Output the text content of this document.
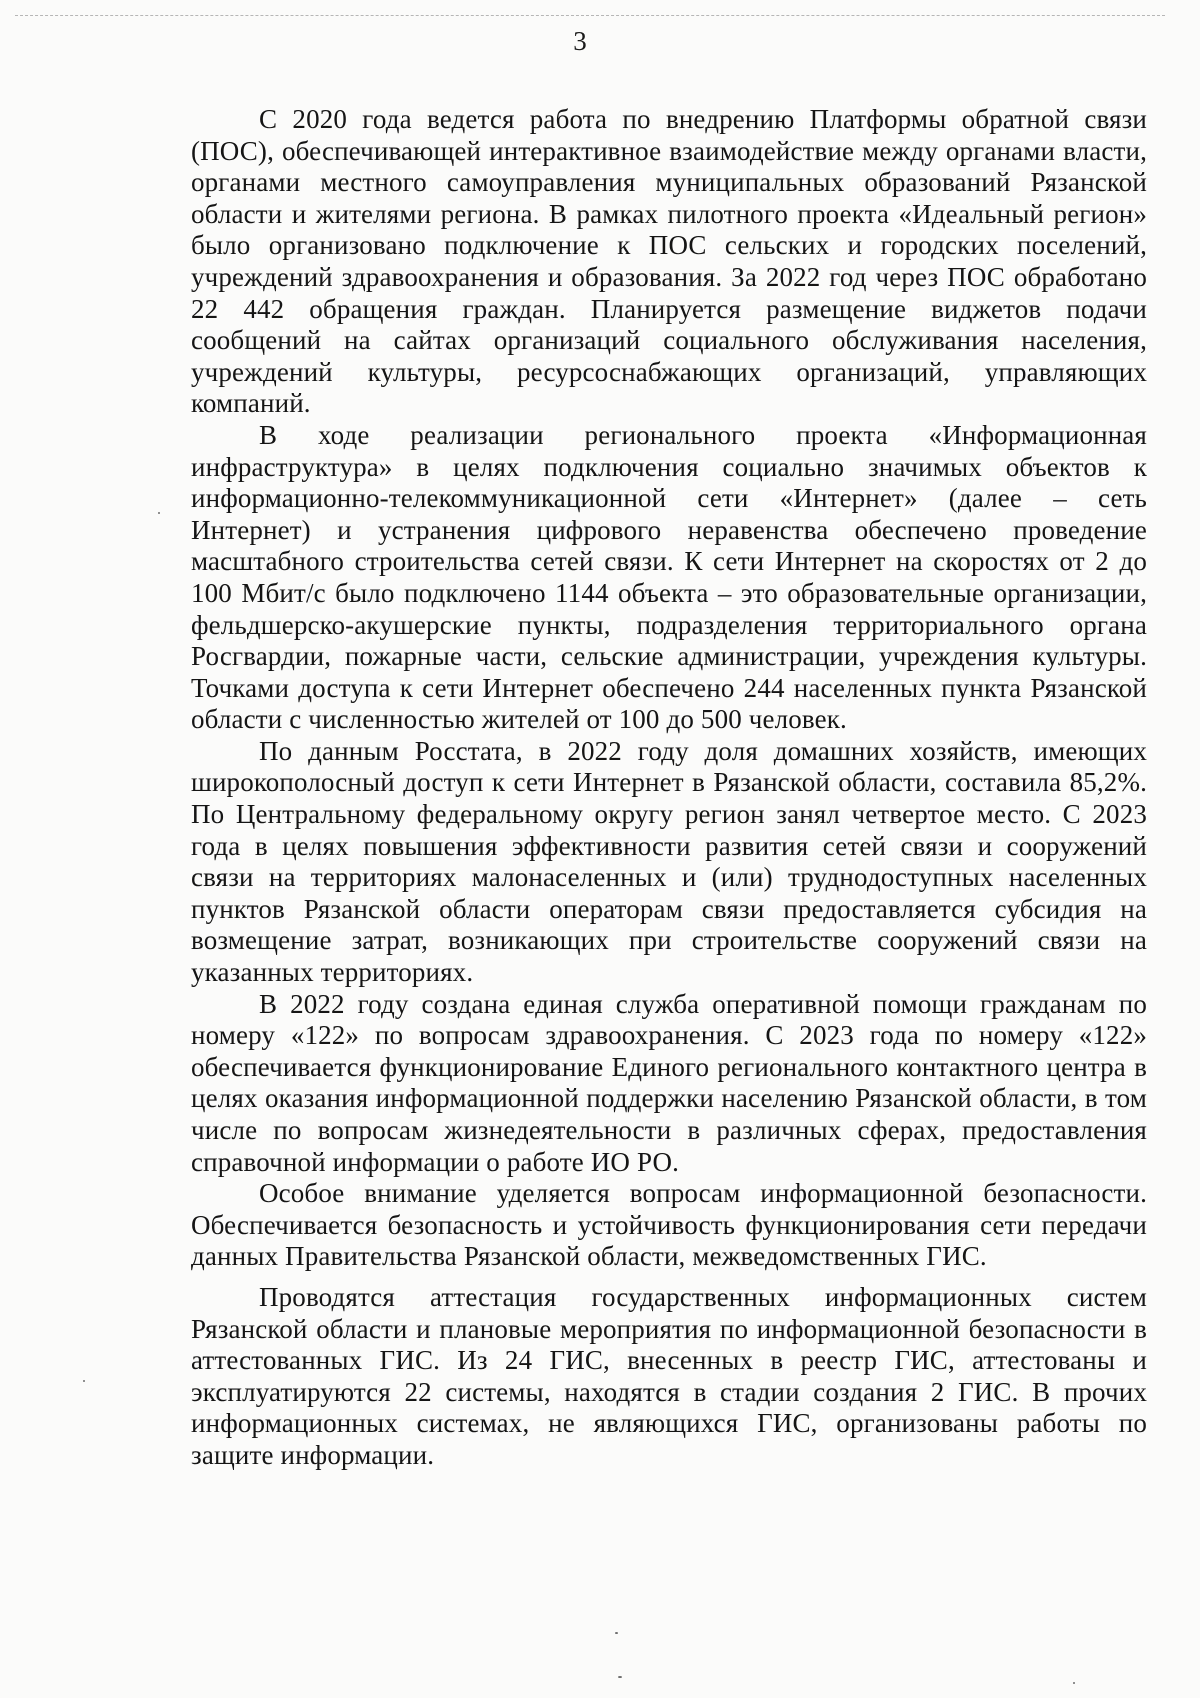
3

С 2020 года ведется работа по внедрению Платформы обратной связи (ПОС), обеспечивающей интерактивное взаимодействие между органами власти, органами местного самоуправления муниципальных образований Рязанской области и жителями региона. В рамках пилотного проекта «Идеальный регион» было организовано подключение к ПОС сельских и городских поселений, учреждений здравоохранения и образования. За 2022 год через ПОС обработано 22 442 обращения граждан. Планируется размещение виджетов подачи сообщений на сайтах организаций социального обслуживания населения, учреждений культуры, ресурсоснабжающих организаций, управляющих компаний.

В ходе реализации регионального проекта «Информационная инфраструктура» в целях подключения социально значимых объектов к информационно-телекоммуникационной сети «Интернет» (далее – сеть Интернет) и устранения цифрового неравенства обеспечено проведение масштабного строительства сетей связи. К сети Интернет на скоростях от 2 до 100 Мбит/с было подключено 1144 объекта – это образовательные организации, фельдшерско-акушерские пункты, подразделения территориального органа Росгвардии, пожарные части, сельские администрации, учреждения культуры. Точками доступа к сети Интернет обеспечено 244 населенных пункта Рязанской области с численностью жителей от 100 до 500 человек.

По данным Росстата, в 2022 году доля домашних хозяйств, имеющих широкополосный доступ к сети Интернет в Рязанской области, составила 85,2%. По Центральному федеральному округу регион занял четвертое место. С 2023 года в целях повышения эффективности развития сетей связи и сооружений связи на территориях малонаселенных и (или) труднодоступных населенных пунктов Рязанской области операторам связи предоставляется субсидия на возмещение затрат, возникающих при строительстве сооружений связи на указанных территориях.

В 2022 году создана единая служба оперативной помощи гражданам по номеру «122» по вопросам здравоохранения. С 2023 года по номеру «122» обеспечивается функционирование Единого регионального контактного центра в целях оказания информационной поддержки населению Рязанской области, в том числе по вопросам жизнедеятельности в различных сферах, предоставления справочной информации о работе ИО РО.

Особое внимание уделяется вопросам информационной безопасности. Обеспечивается безопасность и устойчивость функционирования сети передачи данных Правительства Рязанской области, межведомственных ГИС.

Проводятся аттестация государственных информационных систем Рязанской области и плановые мероприятия по информационной безопасности в аттестованных ГИС. Из 24 ГИС, внесенных в реестр ГИС, аттестованы и эксплуатируются 22 системы, находятся в стадии создания 2 ГИС. В прочих информационных системах, не являющихся ГИС, организованы работы по защите информации.
